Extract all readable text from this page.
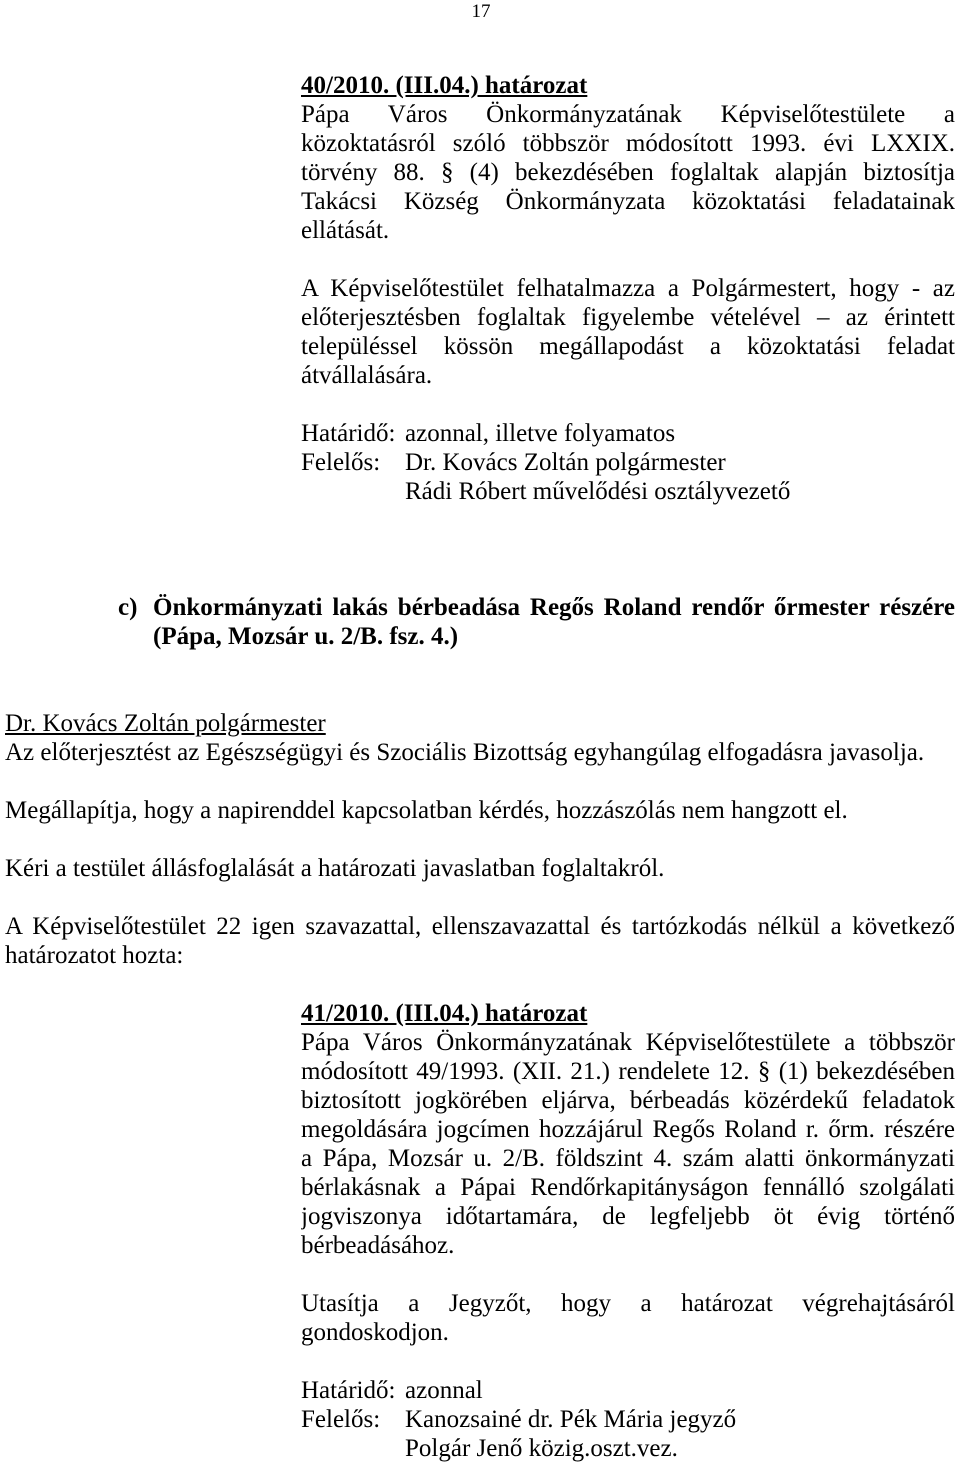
17
40/2010. (III.04.) határozat
Pápa Város Önkormányzatának Képviselőtestülete a
közoktatásról szóló többször módosított 1993. évi LXXIX.
törvény 88. § (4) bekezdésében foglaltak alapján biztosítja
Takácsi Község Önkormányzata közoktatási feladatainak
ellátását.
A Képviselőtestület felhatalmazza a Polgármestert, hogy - az
előterjesztésben foglaltak figyelembe vételével – az érintett
településsel kössön megállapodást a közoktatási feladat
átvállalására.
Határidő: azonnal, illetve folyamatos
Felelős: Dr. Kovács Zoltán polgármester
Rádi Róbert művelődési osztályvezető
c) Önkormányzati lakás bérbeadása Regős Roland rendőr őrmester részére
(Pápa, Mozsár u. 2/B. fsz. 4.)
Dr. Kovács Zoltán polgármester
Az előterjesztést az Egészségügyi és Szociális Bizottság egyhangúlag elfogadásra javasolja.
Megállapítja, hogy a napirenddel kapcsolatban kérdés, hozzászólás nem hangzott el.
Kéri a testület állásfoglalását a határozati javaslatban foglaltakról.
A Képviselőtestület 22 igen szavazattal, ellenszavazattal és tartózkodás nélkül a következő
határozatot hozta:
41/2010. (III.04.) határozat
Pápa Város Önkormányzatának Képviselőtestülete a többször
módosított 49/1993. (XII. 21.) rendelete 12. § (1) bekezdésében
biztosított jogkörében eljárva, bérbeadás közérdekű feladatok
megoldására jogcímen hozzájárul Regős Roland r. őrm. részére
a Pápa, Mozsár u. 2/B. földszint 4. szám alatti önkormányzati
bérlakásnak a Pápai Rendőrkapitányságon fennálló szolgálati
jogviszonya időtartamára, de legfeljebb öt évig történő
bérbeadásához.
Utasítja a Jegyzőt, hogy a határozat végrehajtásáról
gondoskodjon.
Határidő: azonnal
Felelős: Kanozsainé dr. Pék Mária jegyző
Polgár Jenő közig.oszt.vez.
